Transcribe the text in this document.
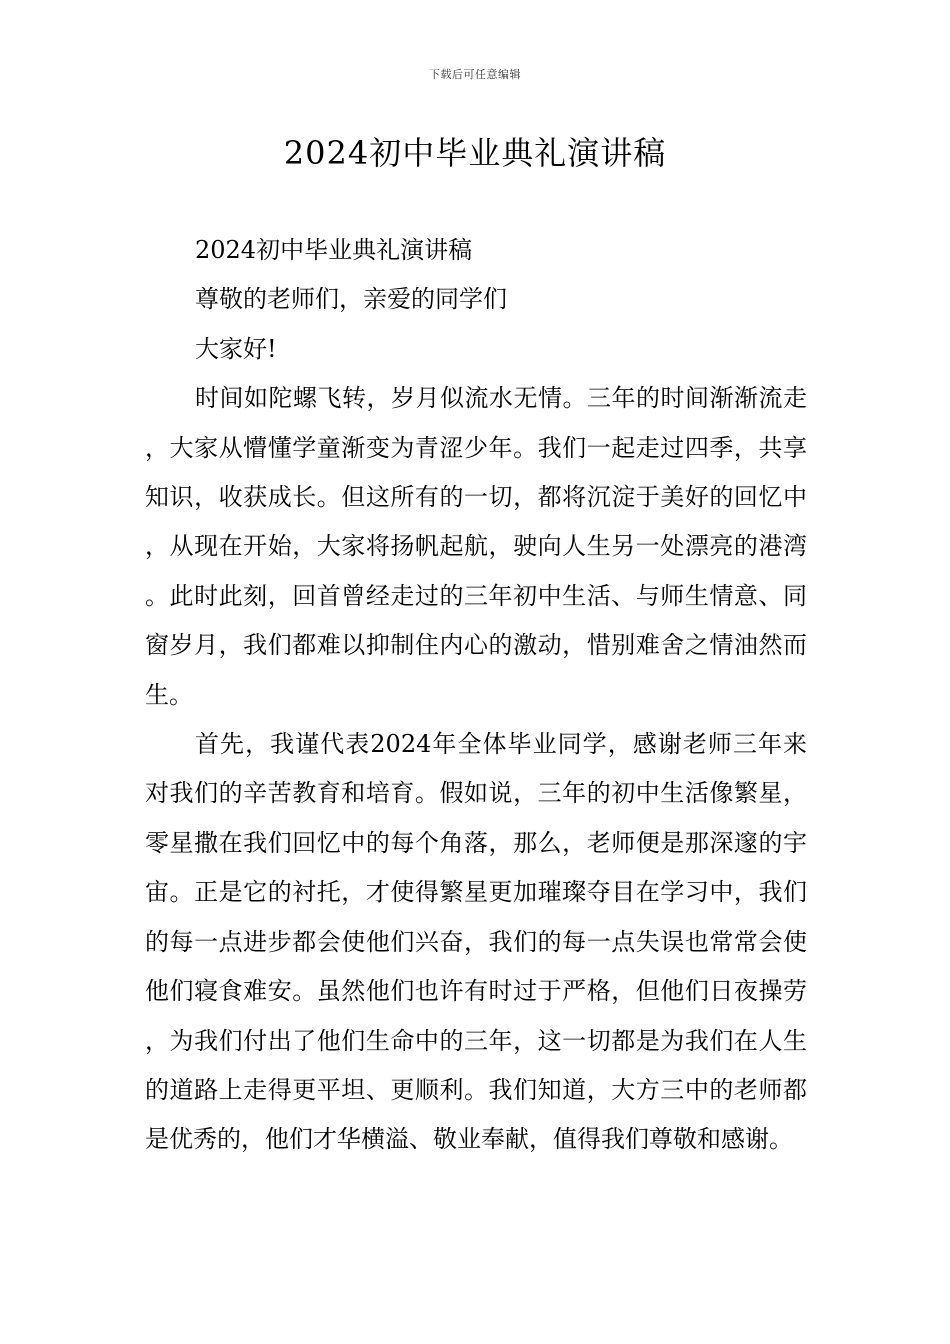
下载后可任意编辑
2024初中毕业典礼演讲稿

2024初中毕业典礼演讲稿

尊敬的老师们，亲爱的同学们

大家好!

时间如陀螺飞转，岁月似流水无情。三年的时间渐渐流走，大家从懵懂学童渐变为青涩少年。我们一起走过四季，共享知识，收获成长。但这所有的一切，都将沉淀于美好的回忆中，从现在开始，大家将扬帆起航，驶向人生另一处漂亮的港湾。此时此刻，回首曾经走过的三年初中生活、与师生情意、同窗岁月，我们都难以抑制住内心的激动，惜别难舍之情油然而生。

首先，我谨代表2024年全体毕业同学，感谢老师三年来对我们的辛苦教育和培育。假如说，三年的初中生活像繁星，零星撒在我们回忆中的每个角落，那么，老师便是那深邃的宇宙。正是它的衬托，才使得繁星更加璀璨夺目在学习中，我们的每一点进步都会使他们兴奋，我们的每一点失误也常常会使他们寝食难安。虽然他们也许有时过于严格，但他们日夜操劳，为我们付出了他们生命中的三年，这一切都是为我们在人生的道路上走得更平坦、更顺利。我们知道，大方三中的老师都是优秀的，他们才华横溢、敬业奉献，值得我们尊敬和感谢。
